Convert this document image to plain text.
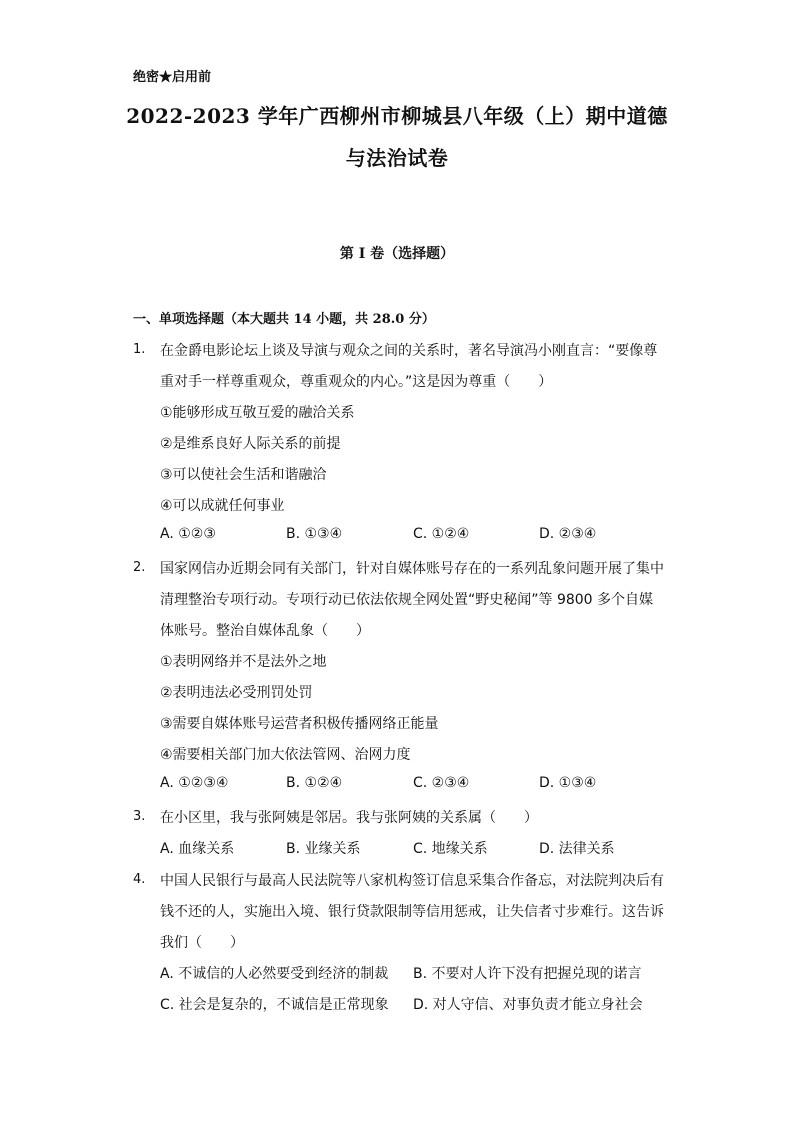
绝密★启用前
2022-2023 学年广西柳州市柳城县八年级（上）期中道德
与法治试卷
第 I 卷（选择题）
一、单项选择题（本大题共 14 小题，共 28.0 分）
1. 在金爵电影论坛上谈及导演与观众之间的关系时，著名导演冯小刚直言：“要像尊
重对手一样尊重观众，尊重观众的内心。”这是因为尊重（　　）
①能够形成互敬互爱的融洽关系
②是维系良好人际关系的前提
③可以使社会生活和谐融洽
④可以成就任何事业
A. ①②③	B. ①③④	C. ①②④	D. ②③④
2. 国家网信办近期会同有关部门，针对自媒体账号存在的一系列乱象问题开展了集中
清理整治专项行动。专项行动已依法依规全网处置“野史秘闻”等 9800 多个自媒
体账号。整治自媒体乱象（　　）
①表明网络并不是法外之地
②表明违法必受刑罚处罚
③需要自媒体账号运营者积极传播网络正能量
④需要相关部门加大依法管网、治网力度
A. ①②③④	B. ①②④	C. ②③④	D. ①③④
3. 在小区里，我与张阿姨是邻居。我与张阿姨的关系属（　　）
A. 血缘关系	B. 业缘关系	C. 地缘关系	D. 法律关系
4. 中国人民银行与最高人民法院等八家机构签订信息采集合作备忘，对法院判决后有
钱不还的人，实施出入境、银行贷款限制等信用惩戒，让失信者寸步难行。这告诉
我们（　　）
A. 不诚信的人必然要受到经济的制裁 B. 不要对人许下没有把握兑现的诺言
C. 社会是复杂的，不诚信是正常现象 D. 对人守信、对事负责才能立身社会
